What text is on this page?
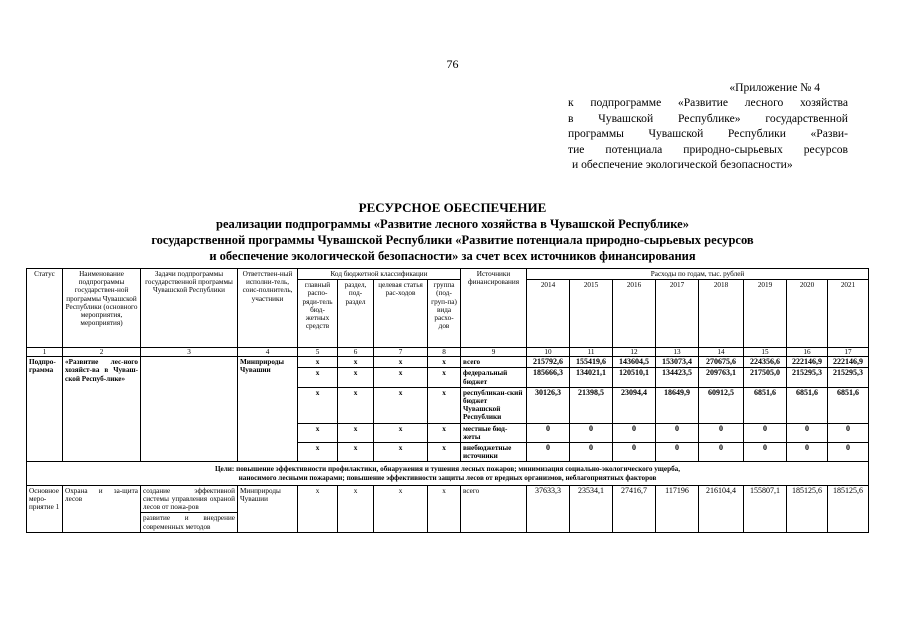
76
«Приложение № 4
к подпрограмме «Развитие лесного хозяйства
в Чувашской Республике» государственной
программы Чувашской Республики «Разви-
тие потенциала природно-сырьевых ресурсов
и обеспечение экологической безопасности»
РЕСУРСНОЕ ОБЕСПЕЧЕНИЕ
реализации подпрограммы «Развитие лесного хозяйства в Чувашской Республике»
государственной программы Чувашской Республики «Развитие потенциала природно-сырьевых ресурсов
и обеспечение экологической безопасности» за счет всех источников финансирования
Статус	Наименование подпрограммы государствен-ной программы Чувашской Республики (основного мероприятия, мероприятия)	Задачи подпрограммы государственной программы Чувашской Республики	Ответствен-ный исполни-тель, соис-полнитель, участники	Код бюджетной классификации				Источники финансирования	Расходы по годам, тыс. рублей							
				главный распо-ряди-тель бюд-жетных средств	раздел, под-раздел	целевая статья рас-ходов	группа (под-груп-па) вида расхо-дов		2014	2015	2016	2017	2018	2019	2020	2021
1	2	3	4	5	6	7	8	9	10	11	12	13	14	15	16	17
Подпро-грамма	«Развитие лес-ного хозяйст-ва в Чуваш-ской Респуб-лике»		Минприроды Чувашии	x	x	x	x	всего	215792,6	155419,6	143604,5	153073,4	270675,6	224356,6	222146,9	222146,9
				x	x	x	x	федеральный бюджет	185666,3	134021,1	120510,1	134423,5	209763,1	217505,0	215295,3	215295,3
				x	x	x	x	республикан-ский бюджет Чувашской Республики	30126,3	21398,5	23094,4	18649,9	60912,5	6851,6	6851,6	6851,6
				x	x	x	x	местные бюд-жеты	0	0	0	0	0	0	0	0
				x	x	x	x	внебюджетные источники	0	0	0	0	0	0	0	0

Цели: повышение эффективности профилактики, обнаружения и тушения лесных пожаров; минимизация социально-экологического ущерба,
наносимого лесными пожарами; повышение эффективности защиты лесов от вредных организмов, неблагоприятных факторов																

Основное меро-приятие 1	Охрана и за-щита лесов	создание эффективной системы управления охраной лесов от пожа-ров	Минприроды Чувашии	x	x	x	x	всего	37633,3	23534,1	27416,7	117196	216104,4	155807,1	185125,6	185125,6
		развитие и внедрение современных методов														
